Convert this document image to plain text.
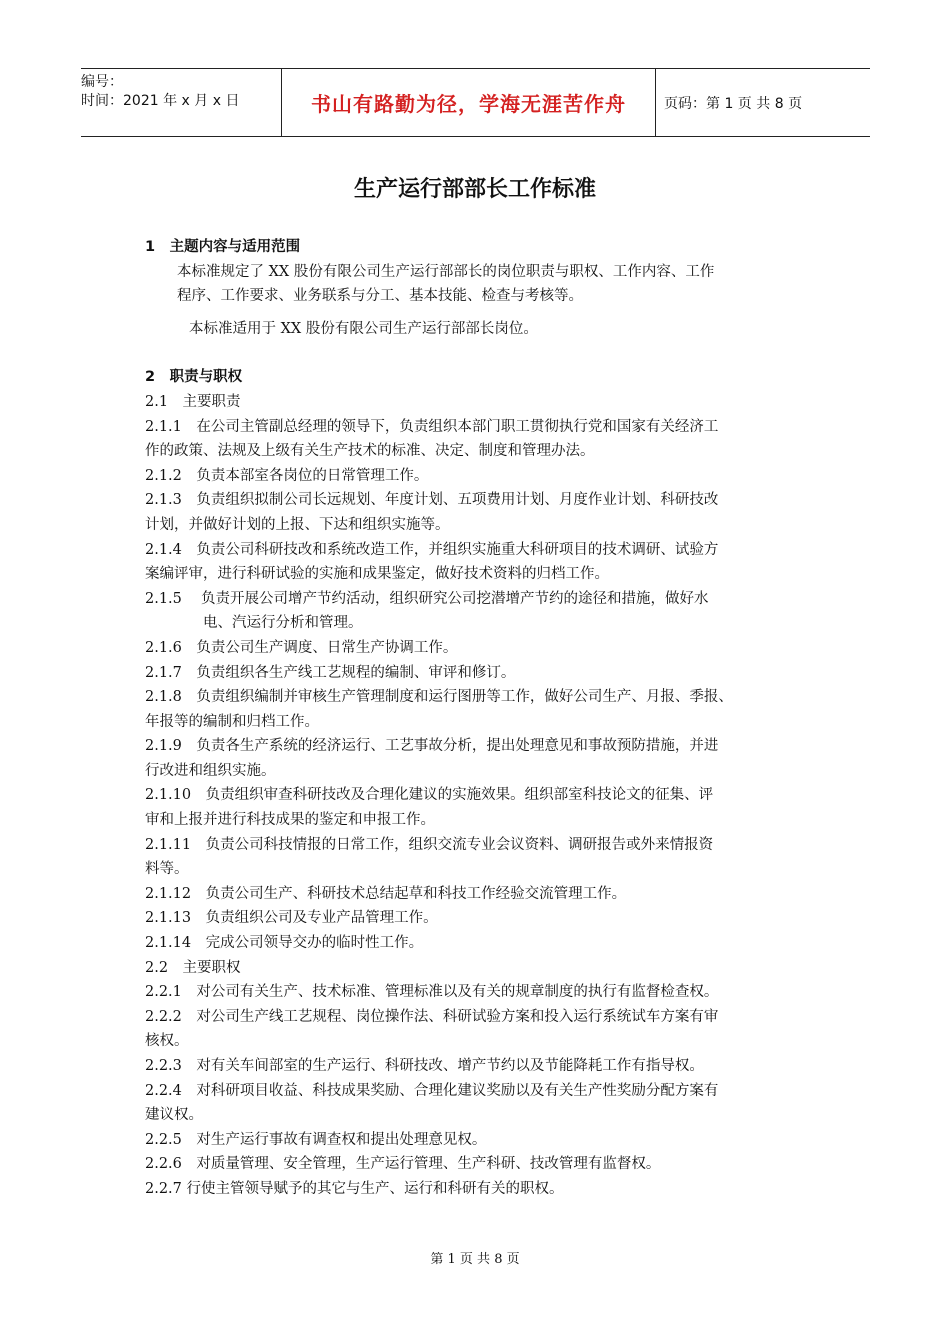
编号：
时间：2021 年 x 月 x 日	书山有路勤为径，学海无涯苦作舟	页码：第 1 页 共 8 页
生产运行部部长工作标准

1　主题内容与适用范围

本标准规定了 XX 股份有限公司生产运行部部长的岗位职责与职权、工作内容、工作

程序、工作要求、业务联系与分工、基本技能、检查与考核等。

本标准适用于 XX 股份有限公司生产运行部部长岗位。

2　职责与职权

2.1　主要职责

2.1.1　在公司主管副总经理的领导下，负责组织本部门职工贯彻执行党和国家有关经济工

作的政策、法规及上级有关生产技术的标准、决定、制度和管理办法。

2.1.2　负责本部室各岗位的日常管理工作。

2.1.3　负责组织拟制公司长远规划、年度计划、五项费用计划、月度作业计划、科研技改

计划，并做好计划的上报、下达和组织实施等。

2.1.4　负责公司科研技改和系统改造工作，并组织实施重大科研项目的技术调研、试验方

案编评审，进行科研试验的实施和成果鉴定，做好技术资料的归档工作。

2.1.5　 负责开展公司增产节约活动，组织研究公司挖潜增产节约的途径和措施，做好水

电、汽运行分析和管理。

2.1.6　负责公司生产调度、日常生产协调工作。

2.1.7　负责组织各生产线工艺规程的编制、审评和修订。

2.1.8　负责组织编制并审核生产管理制度和运行图册等工作，做好公司生产、月报、季报、

年报等的编制和归档工作。

2.1.9　负责各生产系统的经济运行、工艺事故分析，提出处理意见和事故预防措施，并进

行改进和组织实施。

2.1.10　负责组织审查科研技改及合理化建议的实施效果。组织部室科技论文的征集、评

审和上报并进行科技成果的鉴定和申报工作。

2.1.11　负责公司科技情报的日常工作，组织交流专业会议资料、调研报告或外来情报资

料等。

2.1.12　负责公司生产、科研技术总结起草和科技工作经验交流管理工作。

2.1.13　负责组织公司及专业产品管理工作。

2.1.14　完成公司领导交办的临时性工作。

2.2　主要职权

2.2.1　对公司有关生产、技术标准、管理标准以及有关的规章制度的执行有监督检查权。

2.2.2　对公司生产线工艺规程、岗位操作法、科研试验方案和投入运行系统试车方案有审

核权。

2.2.3　对有关车间部室的生产运行、科研技改、增产节约以及节能降耗工作有指导权。

2.2.4　对科研项目收益、科技成果奖励、合理化建议奖励以及有关生产性奖励分配方案有

建议权。

2.2.5　对生产运行事故有调查权和提出处理意见权。

2.2.6　对质量管理、安全管理，生产运行管理、生产科研、技改管理有监督权。

2.2.7 行使主管领导赋予的其它与生产、运行和科研有关的职权。

第 1 页 共 8 页
